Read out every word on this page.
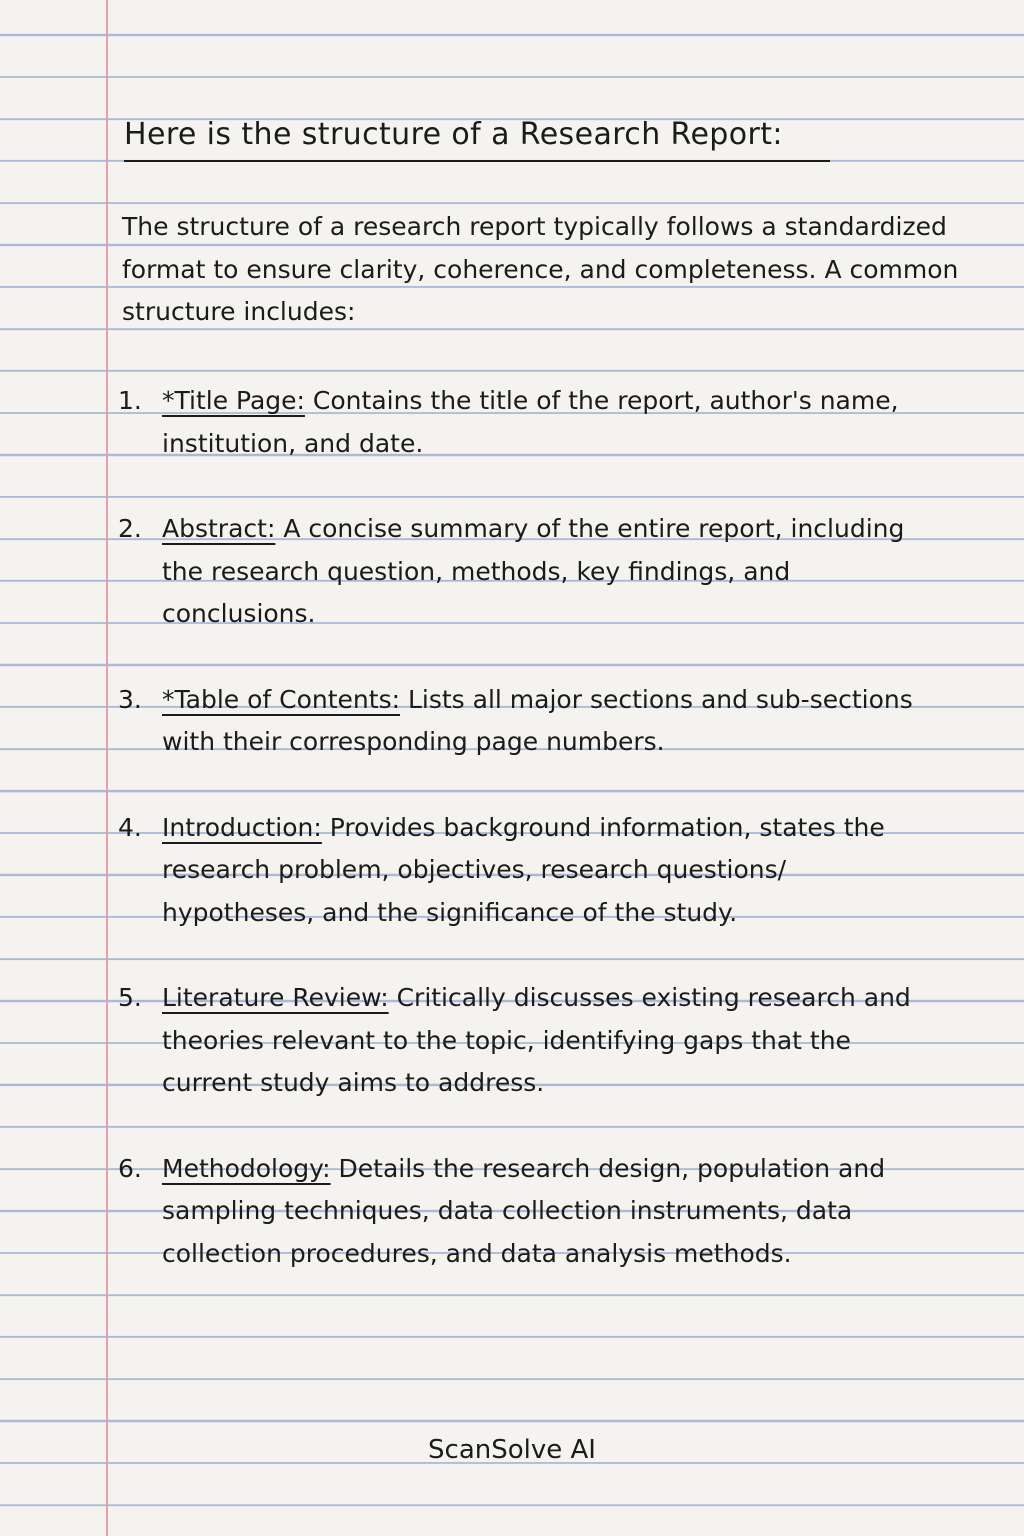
Here is the structure of a Research Report:

The structure of a research report typically follows a standardized format to ensure clarity, coherence, and completeness. A common structure includes:

1. *Title Page: Contains the title of the report, author's name, institution, and date.
2. Abstract: A concise summary of the entire report, including the research question, methods, key findings, and conclusions.
3. *Table of Contents: Lists all major sections and sub-sections with their corresponding page numbers.
4. Introduction: Provides background information, states the research problem, objectives, research questions/ hypotheses, and the significance of the study.
5. Literature Review: Critically discusses existing research and theories relevant to the topic, identifying gaps that the current study aims to address.
6. Methodology: Details the research design, population and sampling techniques, data collection instruments, data collection procedures, and data analysis methods.

ScanSolve AI
